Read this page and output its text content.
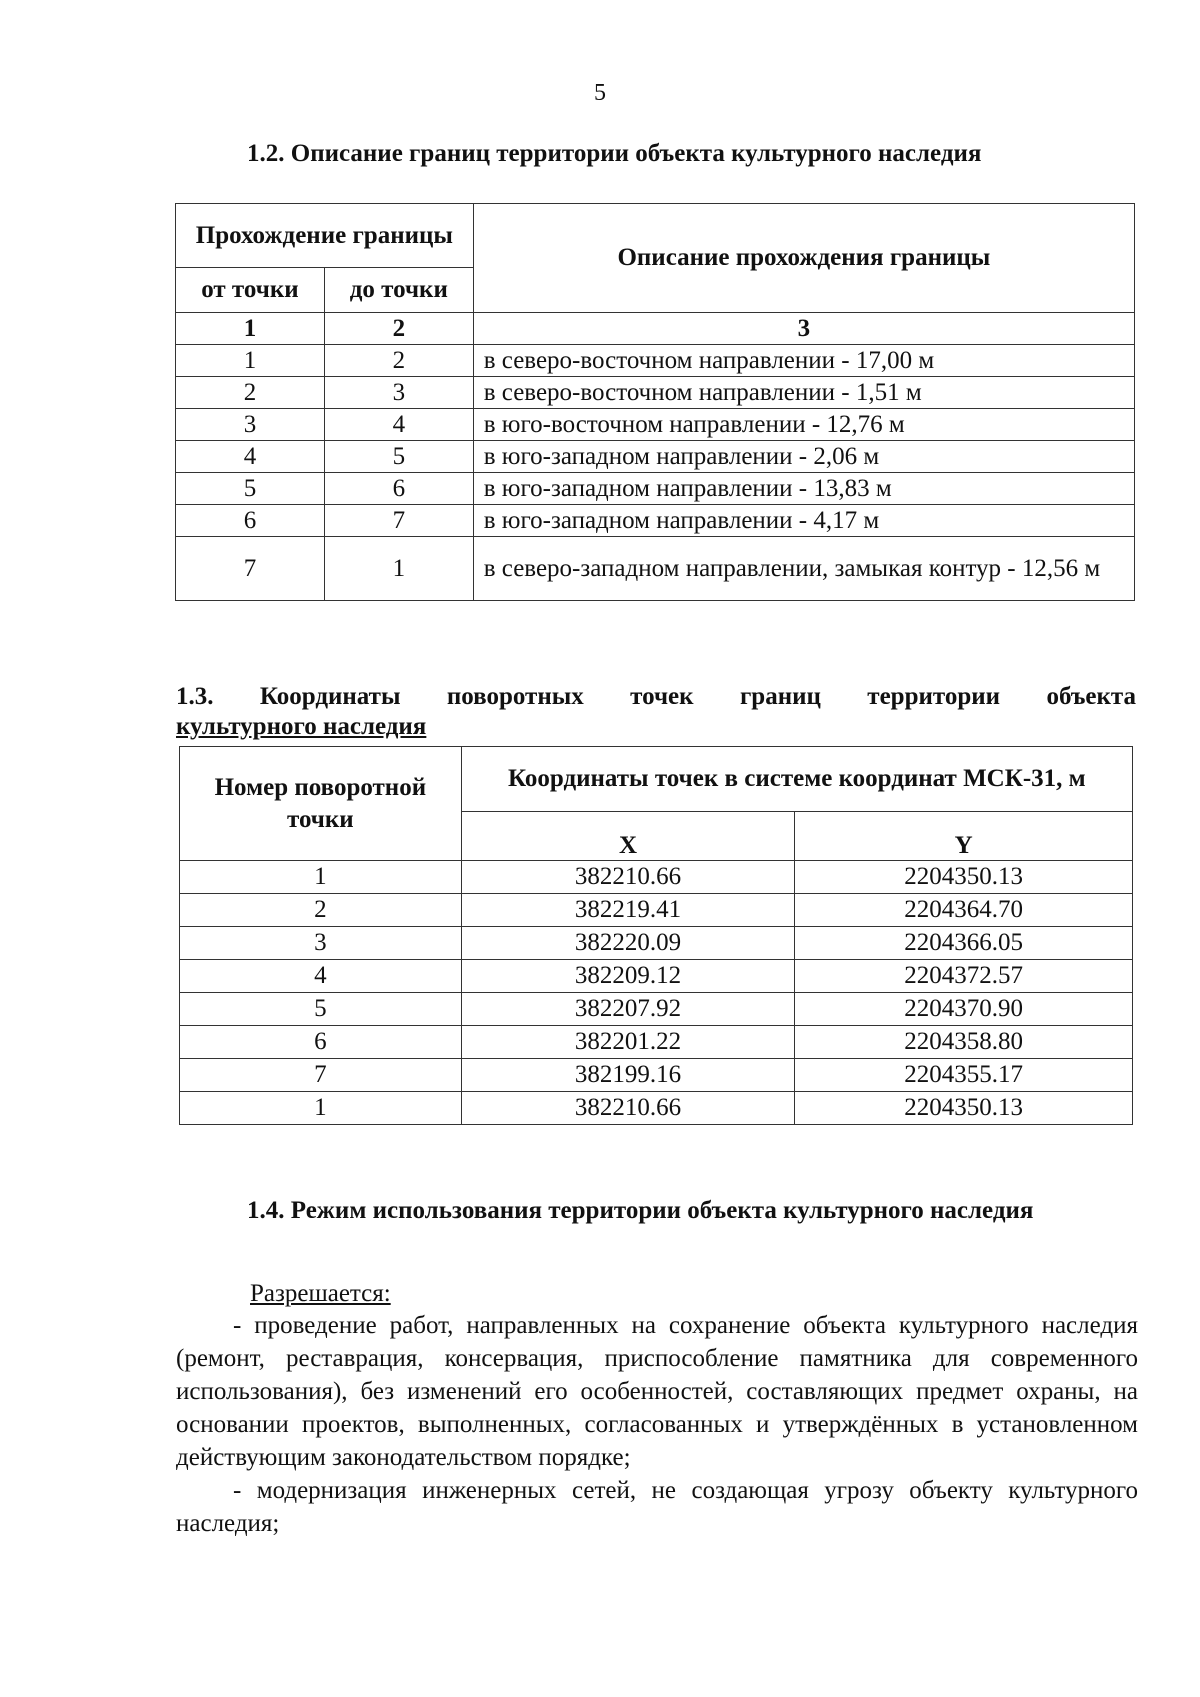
5
1.2. Описание границ территории объекта культурного наследия
Прохождение границы		Описание прохождения границы
от точки	до точки	
1	2	3
1	2	в северо-восточном направлении - 17,00 м
2	3	в северо-восточном направлении - 1,51 м
3	4	в юго-восточном направлении - 12,76 м
4	5	в юго-западном направлении - 2,06 м
5	6	в юго-западном направлении - 13,83 м
6	7	в юго-западном направлении - 4,17 м
7	1	в северо-западном направлении, замыкая контур - 12,56 м
1.3. Координаты поворотных точек границ территории объекта
культурного наследия
Номер поворотной точки	Координаты точек в системе координат МСК-31, м	
	X	Y
1	382210.66	2204350.13
2	382219.41	2204364.70
3	382220.09	2204366.05
4	382209.12	2204372.57
5	382207.92	2204370.90
6	382201.22	2204358.80
7	382199.16	2204355.17
1	382210.66	2204350.13
1.4. Режим использования территории объекта культурного наследия
Разрешается:
- проведение работ, направленных на сохранение объекта культурного наследия (ремонт, реставрация, консервация, приспособление памятника для современного использования), без изменений его особенностей, составляющих предмет охраны, на основании проектов, выполненных, согласованных и утверждённых в установленном действующим законодательством порядке;
- модернизация инженерных сетей, не создающая угрозу объекту культурного наследия;
